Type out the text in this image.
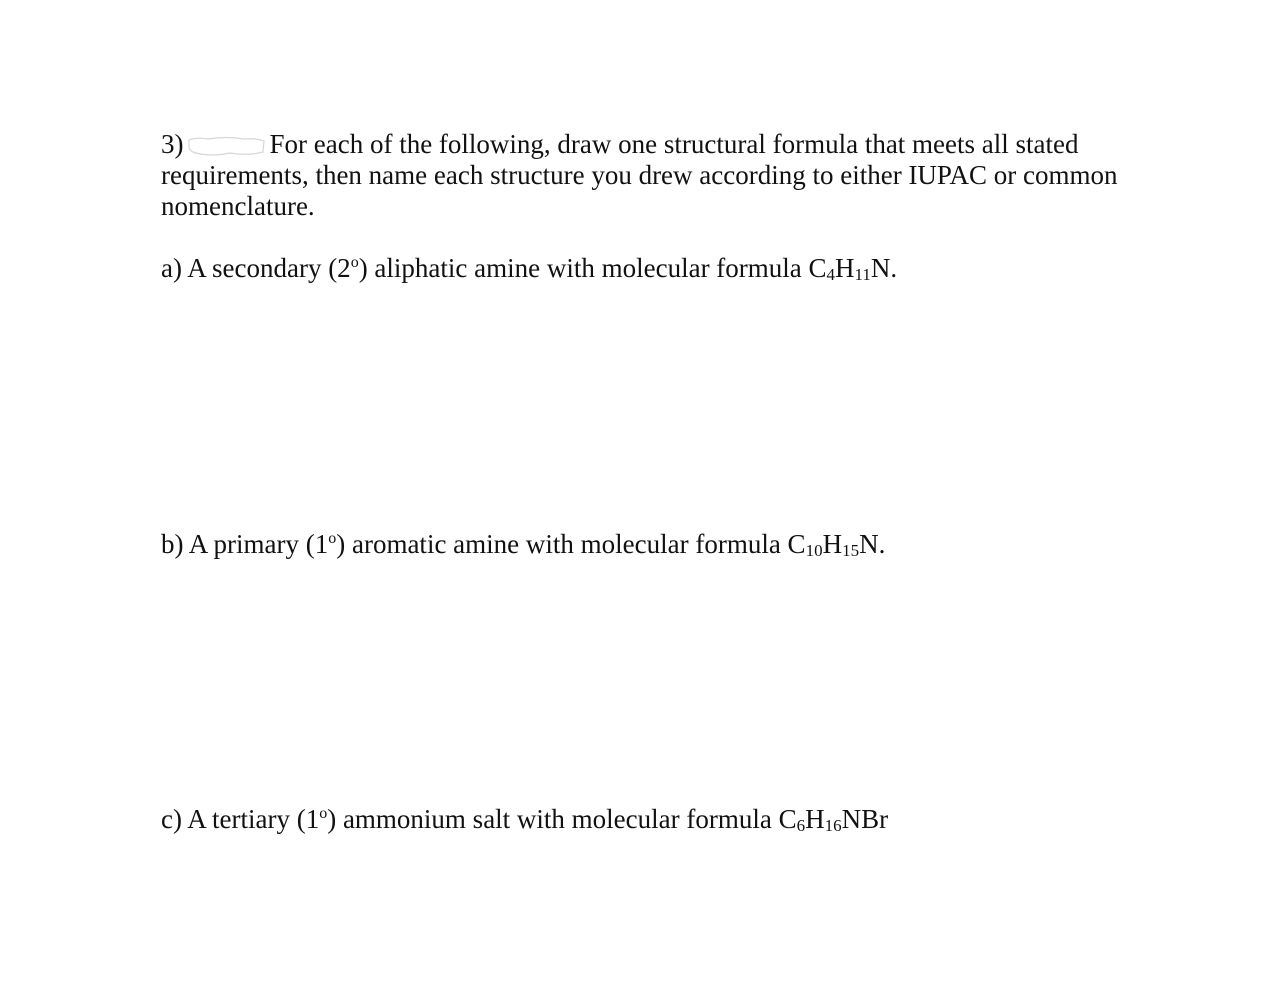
3)	For each of the following, draw one structural formula that meets all stated requirements, then name each structure you drew according to either IUPAC or common nomenclature.
a) A secondary (2$^o$) aliphatic amine with molecular formula $C_4H_{11}N$.
b) A primary (1$^o$) aromatic amine with molecular formula $C_{10}H_{15}N$.
c) A tertiary (1$^o$) ammonium salt with molecular formula $C_6H_{16}NBr$
